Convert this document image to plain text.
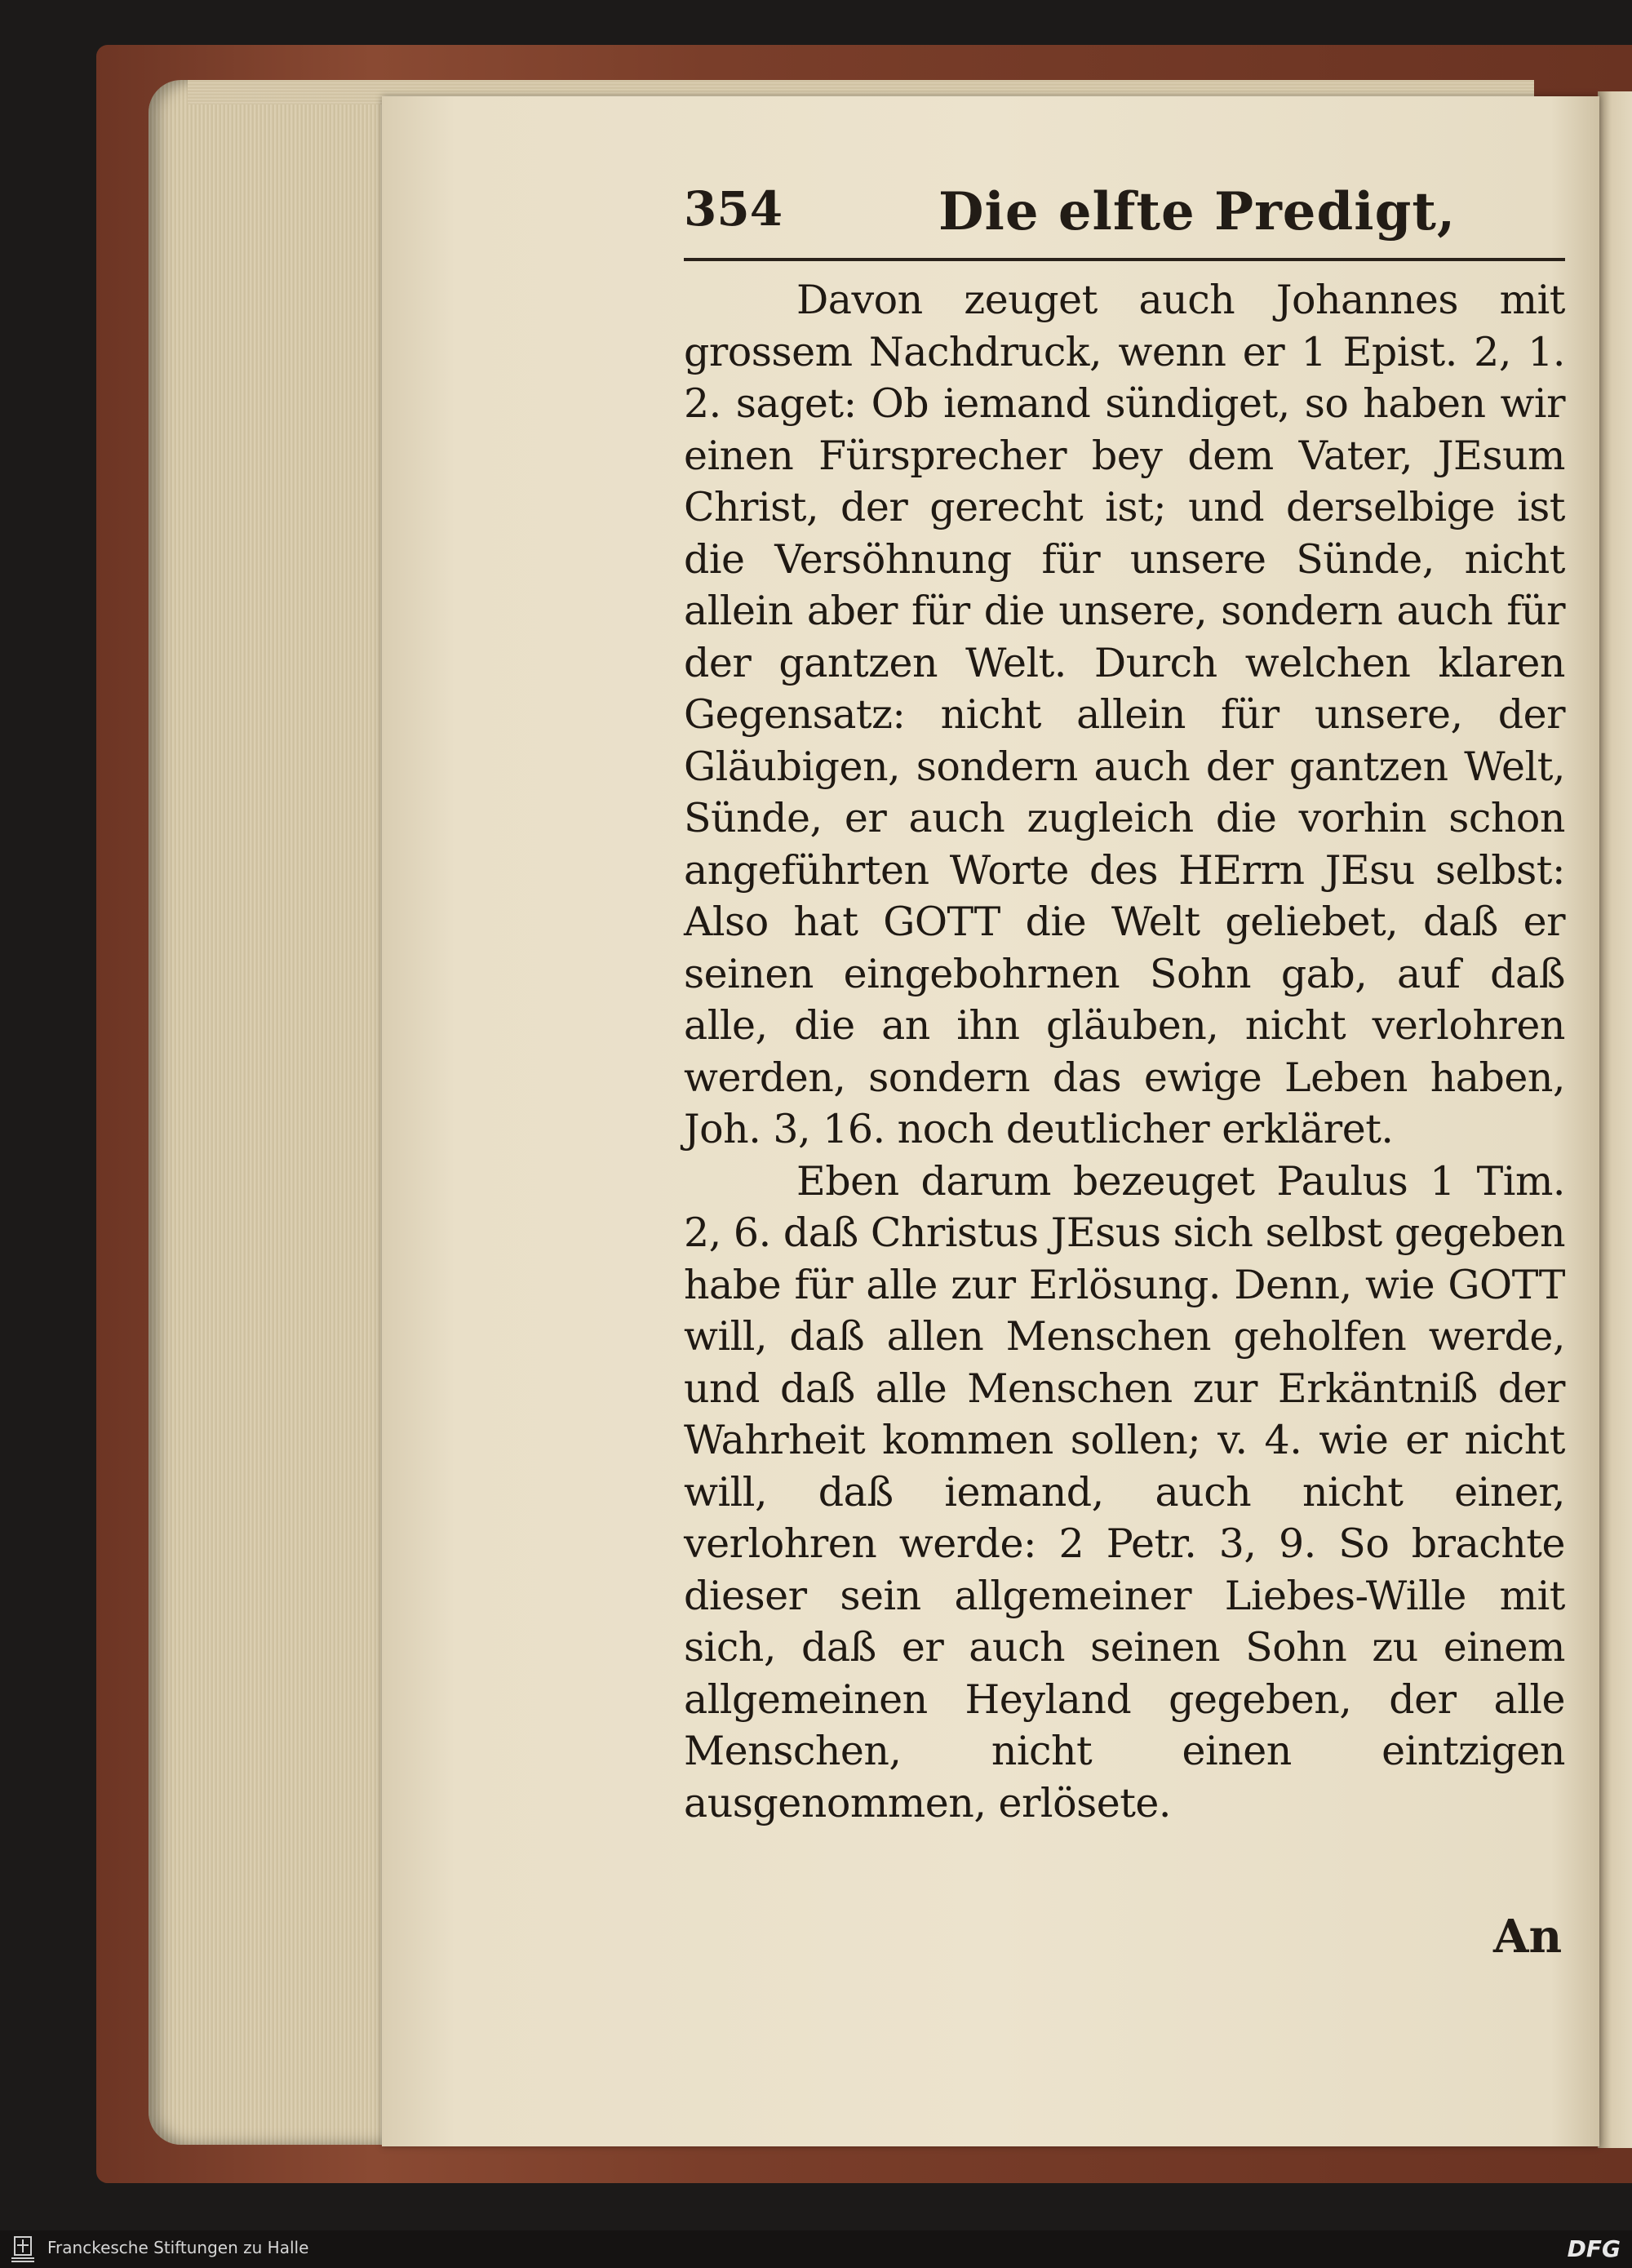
354	Die elfte Predigt,

Davon zeuget auch Johannes mit grossem Nachdruck, wenn er 1 Epist. 2, 1. 2. saget: Ob iemand sündiget, so haben wir einen Fürsprecher bey dem Vater, JEsum Christ, der gerecht ist; und derselbige ist die Versöhnung für unsere Sünde, nicht allein aber für die unsere, sondern auch für der gantzen Welt. Durch welchen klaren Gegensatz: nicht allein für unsere, der Gläubigen, sondern auch der gantzen Welt, Sünde, er auch zugleich die vorhin schon angeführten Worte des HErrn JEsu selbst: Also hat GOTT die Welt geliebet, daß er seinen eingebohrnen Sohn gab, auf daß alle, die an ihn gläuben, nicht verlohren werden, sondern das ewige Leben haben, Joh. 3, 16. noch deutlicher erkläret.

Eben darum bezeuget Paulus 1 Tim. 2, 6. daß Christus JEsus sich selbst gegeben habe für alle zur Erlösung. Denn, wie GOTT will, daß allen Menschen geholfen werde, und daß alle Menschen zur Erkäntniß der Wahrheit kommen sollen; v. 4. wie er nicht will, daß iemand, auch nicht einer, verlohren werde: 2 Petr. 3, 9. So brachte dieser sein allgemeiner Liebes-Wille mit sich, daß er auch seinen Sohn zu einem allgemeinen Heyland gegeben, der alle Menschen, nicht einen eintzigen ausgenommen, erlösete.

An
Franckesche Stiftungen zu Halle	DFG
